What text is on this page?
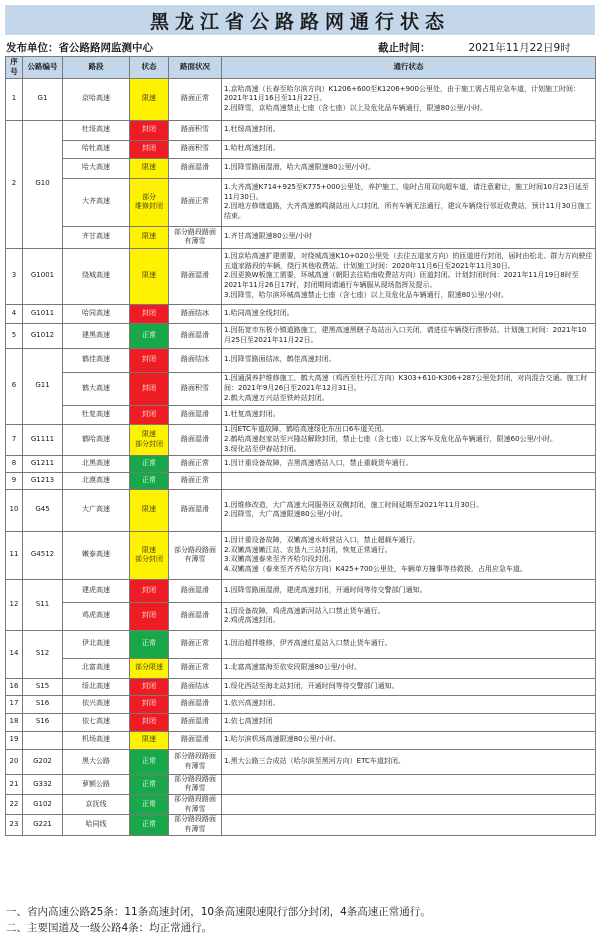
黑龙江省公路路网通行状态
发布单位：省公路路网监测中心	截止时间：	2021年11月22日9时
序号	公路编号	路段	状态	路面状况	通行状态
1	G1	京哈高速	限速	路面正常	1.京哈高速（长春至哈尔滨方向）K1206+600至K1206+900公里处，由于施工需占用应急车道，计划施工时间：2021年11月16日至11月22日。
2.因降雪，京哈高速禁止七座（含七座）以上及危化品车辆通行，限速80公里/小时。
2	G10	牡绥高速	封闭	路面积雪	1.牡绥高速封闭。
		哈牡高速	封闭	路面积雪	1.哈牡高速封闭。
		哈大高速	限速	路面湿滑	1.因降雪路面湿滑，哈大高速限速80公里/小时。
		大齐高速	部分
维修封闭	路面正常	1.大齐高速K714+925至K775+000公里处，养护施工，临时占用双向超车道，请注意避让，施工时间10月23日延至11月30日。
2.因地方修缮道路，大齐高速鹤鸣湖站出入口封闭，所有车辆无法通行，建议车辆绕行邻近收费站，预计11月30日施工结束。
		齐甘高速	限速	部分路段路面
有薄雪	1.齐甘高速限速80公里/小时
3	G1001	绕城高速	限速	路面湿滑	1.因京哈高速扩建需要，对绕城高速K10+020公里处（去往五道家方向）的匝道进行封闭，届时由松北、群力方向驶往五道家路段的车辆，绕行其他收费站。计划施工时间：2020年11月6日至2021年11月30日。
2.因更换W板施工需要，环城高速（朝阳去往哈南收费站方向）匝道封闭。计划封闭时间：2021年11月19日8时至2021年11月26日17时，封闭期间请通行车辆服从现场指挥及提示。
3.因降雪，哈尔滨环城高速禁止七座（含七座）以上及危化品车辆通行，限速80公里/小时。
4	G1011	哈同高速	封闭	路面结冰	1.哈同高速全线封闭。
5	G1012	建黑高速	正常	路面湿滑	1.因拓宽市东极小镇道路施工，建黑高速黑瞎子岛站出入口关闭，请进往车辆绕行浓桥站。计划施工时间：2021年10月25日至2021年11月22日。
6	G11	鹤佳高速	封闭	路面结冰	1.因降雪路面结冰，鹤佳高速封闭。
		鹤大高速	封闭	路面积雪	1.因通洞养护维修施工，鹤大高速（鸡西至牡丹江方向）K303+610-K306+287公里处封闭，对向混合交通。施工时间：2021年9月26日至2021年12月31日。
2.鹤大高速万兴站至铁岭站封闭。
		牡复高速	封闭	路面湿滑	1.牡复高速封闭。
7	G1111	鹤哈高速	限速
部分封闭	路面湿滑	1.因ETC车道故障，鹤哈高速绥化东出口6车道关闭。
2.鹤哈高速赵家站至兴隆站解除封闭，禁止七座（含七座）以上客车及危化品车辆通行，限速60公里/小时。
3.绥化站至伊春站封闭。
8	G1211	北黑高速	正常	路面正常	1.因计重设备故障，吉黑高速塔站入口，禁止重载货车通行。
9	G1213	北漠高速	正常	路面正常	
10	G45	大广高速	限速	路面湿滑	1.因维修改造，大广高速大同服务区双侧封闭，施工时间延期至2021年11月30日。
2.因降雪，大广高速限速80公里/小时。
11	G4512	嫩泰高速	限速
部分封闭	部分路段路面
有薄雪	1.因计重设备故障，双嫩高速水师营站入口，禁止超载车通行。
2.双嫩高速嫩江站、农垦九三站封闭，恢复正常通行。
3.双嫩高速泰来至齐齐哈尔段封闭。
4.双嫩高速（泰来至齐齐哈尔方向）K425+700公里处，车辆单方撞事等待救援，占用应急车道。
12	S11	建虎高速	封闭	路面湿滑	1.因降雪路面湿滑，建虎高速封闭，开通时间等待交警部门通知。
		鸡虎高速	封闭	路面湿滑	1.因设备故障，鸡虎高速新河站入口禁止货车通行。
2.鸡虎高速封闭。
14	S12	伊北高速	正常	路面正常	1.因治超拌维修，伊齐高速红星站入口禁止货车通行。
		北富高速	部分限速	路面正常	1.北富高速富海至依安段限速80公里/小时。
16	S15	绥北高速	封闭	路面结冰	1.绥化西站至海北站封闭，开通时间等待交警部门通知。
17	S16	依兴高速	封闭	路面湿滑	1.依兴高速封闭。
18	S16	依七高速	封闭	路面湿滑	1.依七高速封闭
19		机场高速	限速	路面湿滑	1.哈尔滨机场高速限速80公里/小时。
20	G202	黑大公路	正常	部分路段路面
有薄雪	1.黑大公路三合成站（哈尔滨至黑河方向）ETC车道封闭。
21	G332	萝额公路	正常	部分路段路面
有薄雪	
22	G102	京抚线	正常	部分路段路面
有薄雪	
23	G221	哈同线	正常	部分路段路面
有薄雪	
一、省内高速公路25条：11条高速封闭，10条高速限速限行部分封闭，4条高速正常通行。
二、主要国道及一级公路4条：均正常通行。
